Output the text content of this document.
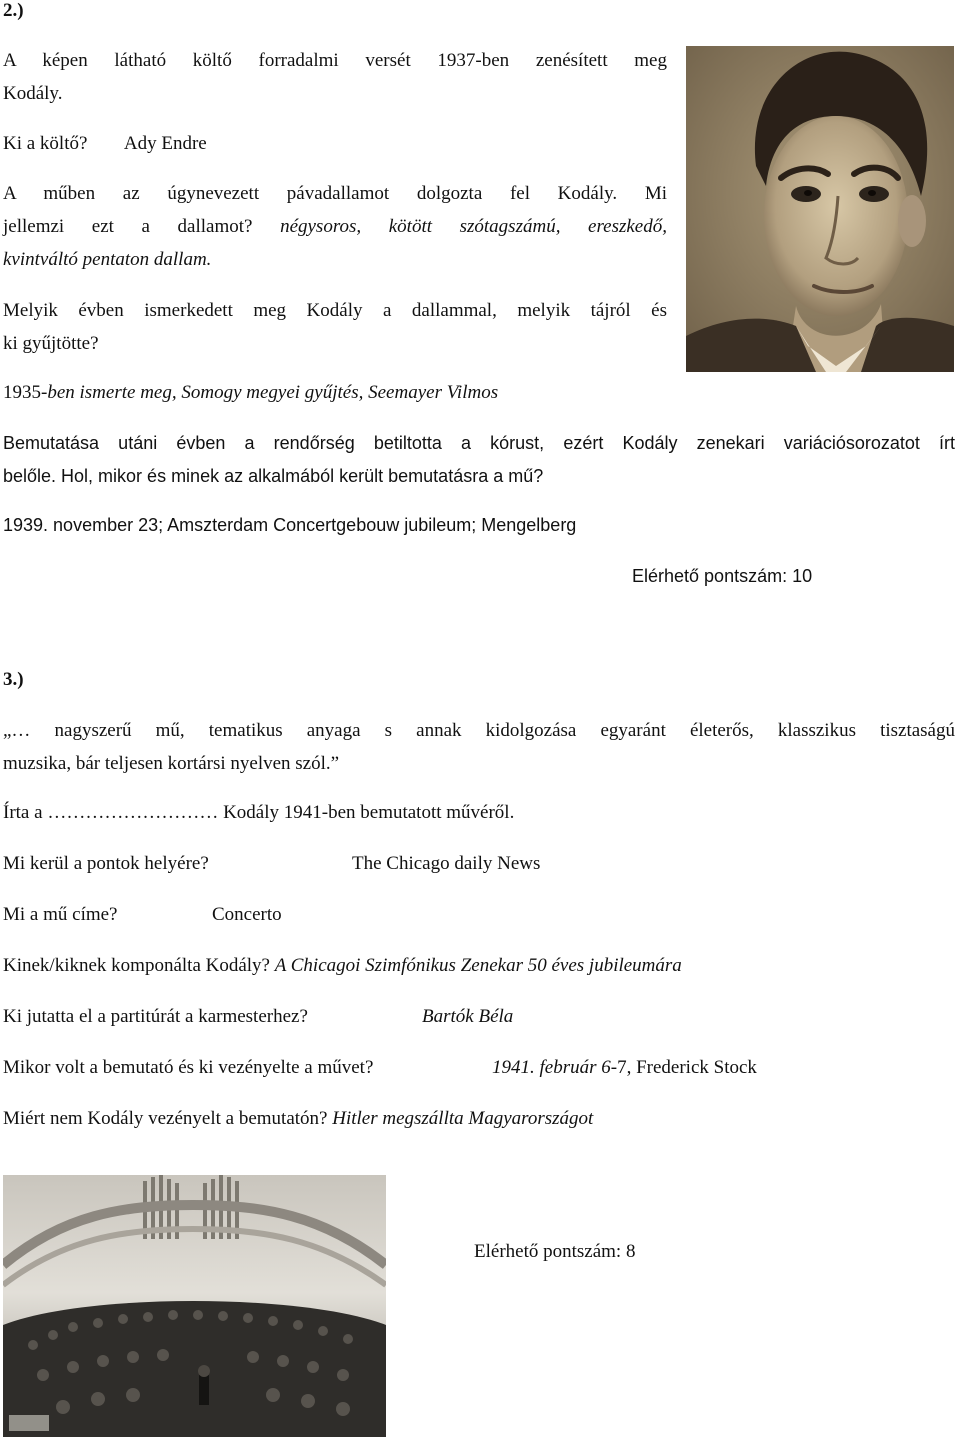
2.)
A képen látható költő forradalmi versét 1937-ben zenésített meg
Kodály.
Ki a költő? Ady Endre
A műben az úgynevezett pávadallamot dolgozta fel Kodály. Mi
jellemzi ezt a dallamot? négysoros, kötött szótagszámú, ereszkedő,
kvintváltó pentaton dallam.
Melyik évben ismerkedett meg Kodály a dallammal, melyik tájról és
ki gyűjtötte?
1935-ben ismerte meg, Somogy megyei gyűjtés, Seemayer Vilmos
Bemutatása utáni évben a rendőrség betiltotta a kórust, ezért Kodály zenekari variációsorozatot írt
belőle. Hol, mikor és minek az alkalmából került bemutatásra a mű?
1939. november 23; Amszterdam Concertgebouw jubileum; Mengelberg
Elérhető pontszám: 10
3.)
„… nagyszerű mű, tematikus anyaga s annak kidolgozása egyaránt életerős, klasszikus tisztaságú
muzsika, bár teljesen kortársi nyelven szól.”
Írta a ……………………… Kodály 1941-ben bemutatott művéről.
Mi kerül a pontok helyére?	The Chicago daily News
Mi a mű címe?	Concerto
Kinek/kiknek komponálta Kodály? A Chicagoi Szimfónikus Zenekar 50 éves jubileumára
Ki jutatta el a partitúrát a karmesterhez?	Bartók Béla
Mikor volt a bemutató és ki vezényelte a művet?	1941. február 6-7, Frederick Stock
Miért nem Kodály vezényelt a bemutatón? Hitler megszállta Magyarországot
Elérhető pontszám: 8
